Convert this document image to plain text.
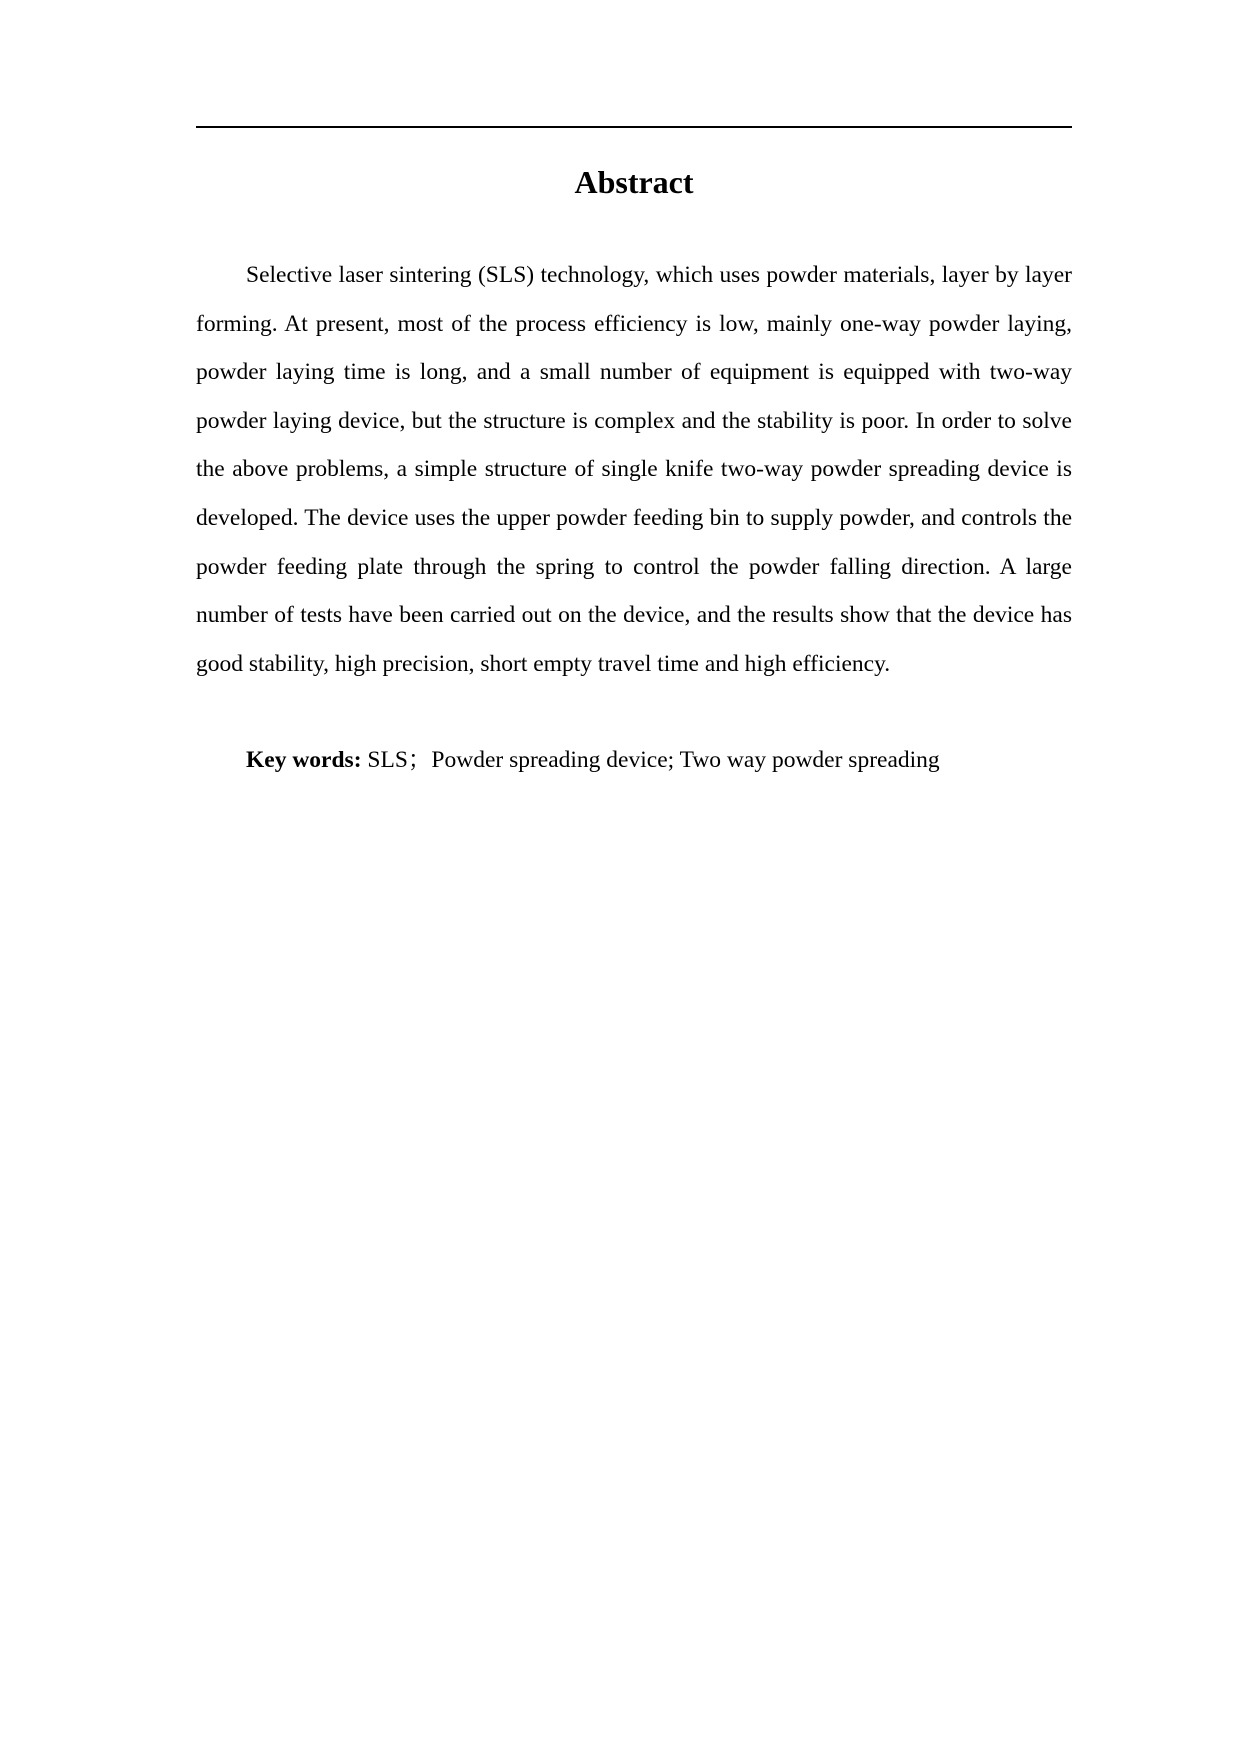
Abstract

Selective laser sintering (SLS) technology, which uses powder materials, layer by layer forming. At present, most of the process efficiency is low, mainly one-way powder laying, powder laying time is long, and a small number of equipment is equipped with two-way powder laying device, but the structure is complex and the stability is poor. In order to solve the above problems, a simple structure of single knife two-way powder spreading device is developed. The device uses the upper powder feeding bin to supply powder, and controls the powder feeding plate through the spring to control the powder falling direction. A large number of tests have been carried out on the device, and the results show that the device has good stability, high precision, short empty travel time and high efficiency.

Key words: SLS；Powder spreading device; Two way powder spreading
